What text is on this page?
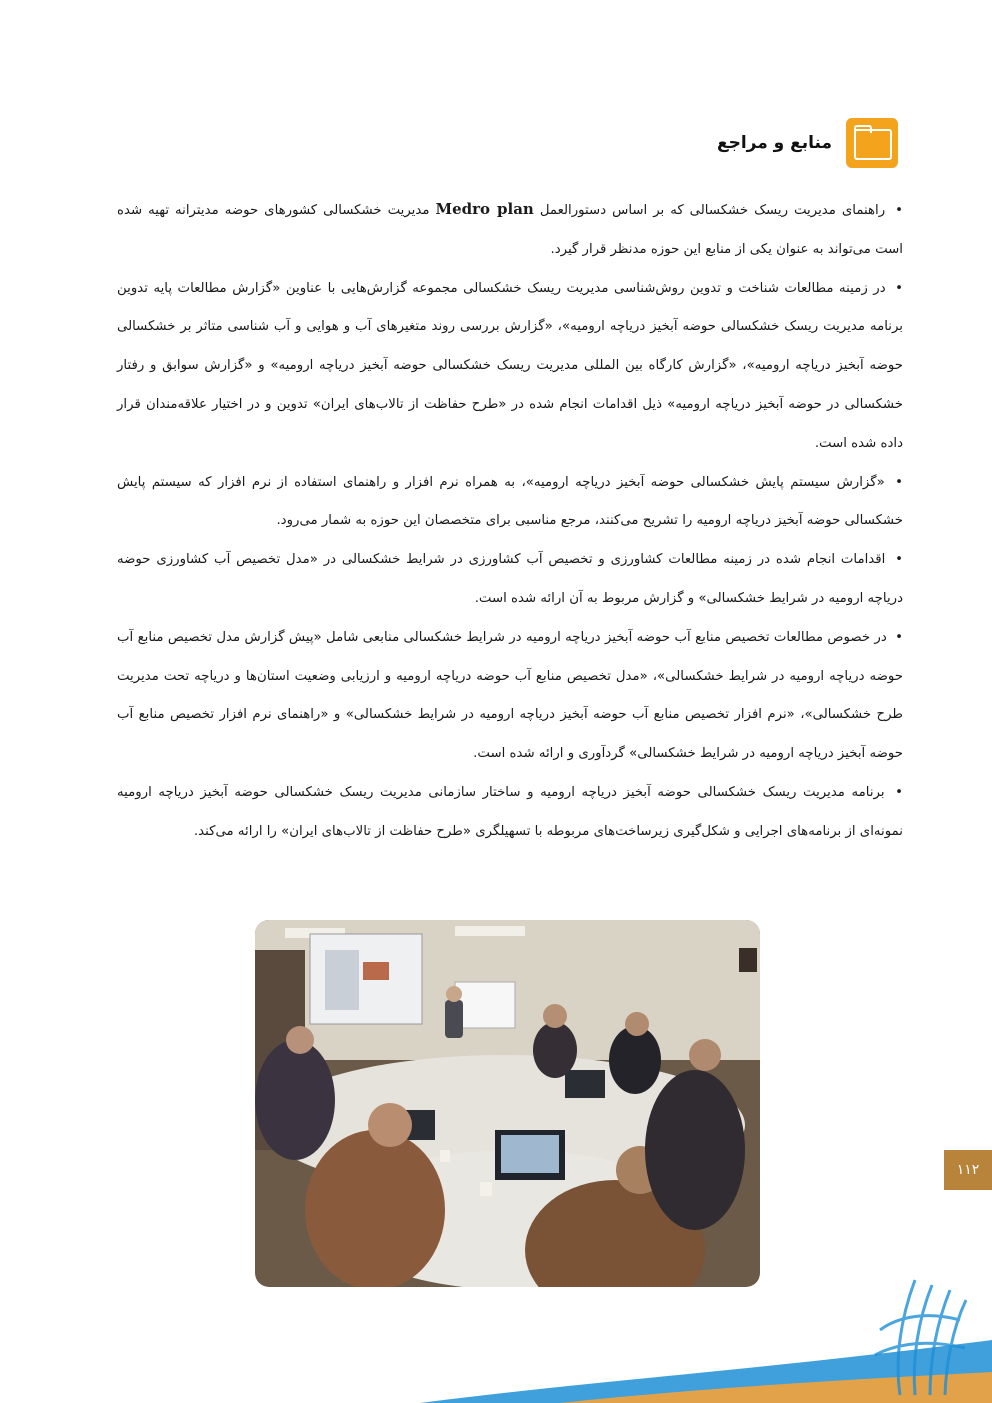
منابع و مراجع

• راهنمای مدیریت ریسک خشکسالی که بر اساس دستورالعمل Medro plan مدیریت خشکسالی کشورهای حوضه مدیترانه تهیه شده است می‌تواند به عنوان یکی از منابع این حوزه مدنظر قرار گیرد.

• در زمینه مطالعات شناخت و تدوین روش‌شناسی مدیریت ریسک خشکسالی مجموعه گزارش‌هایی با عناوین «گزارش مطالعات پایه تدوین برنامه مدیریت ریسک خشکسالی حوضه آبخیز دریاچه ارومیه»، «گزارش بررسی روند متغیرهای آب و هوایی و آب شناسی متاثر بر خشکسالی حوضه آبخیز دریاچه ارومیه»، «گزارش کارگاه بین المللی مدیریت ریسک خشکسالی حوضه آبخیز دریاچه ارومیه» و «گزارش سوابق و رفتار خشکسالی در حوضه آبخیز دریاچه ارومیه» ذیل اقدامات انجام شده در «طرح حفاظت از تالاب‌های ایران» تدوین و در اختیار علاقه‌مندان قرار داده شده است.

• «گزارش سیستم پایش خشکسالی حوضه آبخیز دریاچه ارومیه»، به همراه نرم افزار و راهنمای استفاده از نرم افزار که سیستم پایش خشکسالی حوضه آبخیز دریاچه ارومیه را تشریح می‌کنند، مرجع مناسبی برای متخصصان این حوزه به شمار می‌رود.

• اقدامات انجام شده در زمینه مطالعات کشاورزی و تخصیص آب کشاورزی در شرایط خشکسالی در «مدل تخصیص آب کشاورزی حوضه دریاچه ارومیه در شرایط خشکسالی» و گزارش مربوط به آن ارائه شده است.

• در خصوص مطالعات تخصیص منابع آب حوضه آبخیز دریاچه ارومیه در شرایط خشکسالی منابعی شامل «پیش گزارش مدل تخصیص منابع آب حوضه دریاچه ارومیه در شرایط خشکسالی»، «مدل تخصیص منابع آب حوضه دریاچه ارومیه و ارزیابی وضعیت استان‌ها و دریاچه تحت مدیریت طرح خشکسالی»، «نرم افزار تخصیص منابع آب حوضه آبخیز دریاچه ارومیه در شرایط خشکسالی» و «راهنمای نرم افزار تخصیص منابع آب حوضه آبخیز دریاچه ارومیه در شرایط خشکسالی» گردآوری و ارائه شده است.

• برنامه مدیریت ریسک خشکسالی حوضه آبخیز دریاچه ارومیه و ساختار سازمانی مدیریت ریسک خشکسالی حوضه آبخیز دریاچه ارومیه نمونه‌ای از برنامه‌های اجرایی و شکل‌گیری زیرساخت‌های مربوطه با تسهیلگری «طرح حفاظت از تالاب‌های ایران» را ارائه می‌کند.

۱۱۲
